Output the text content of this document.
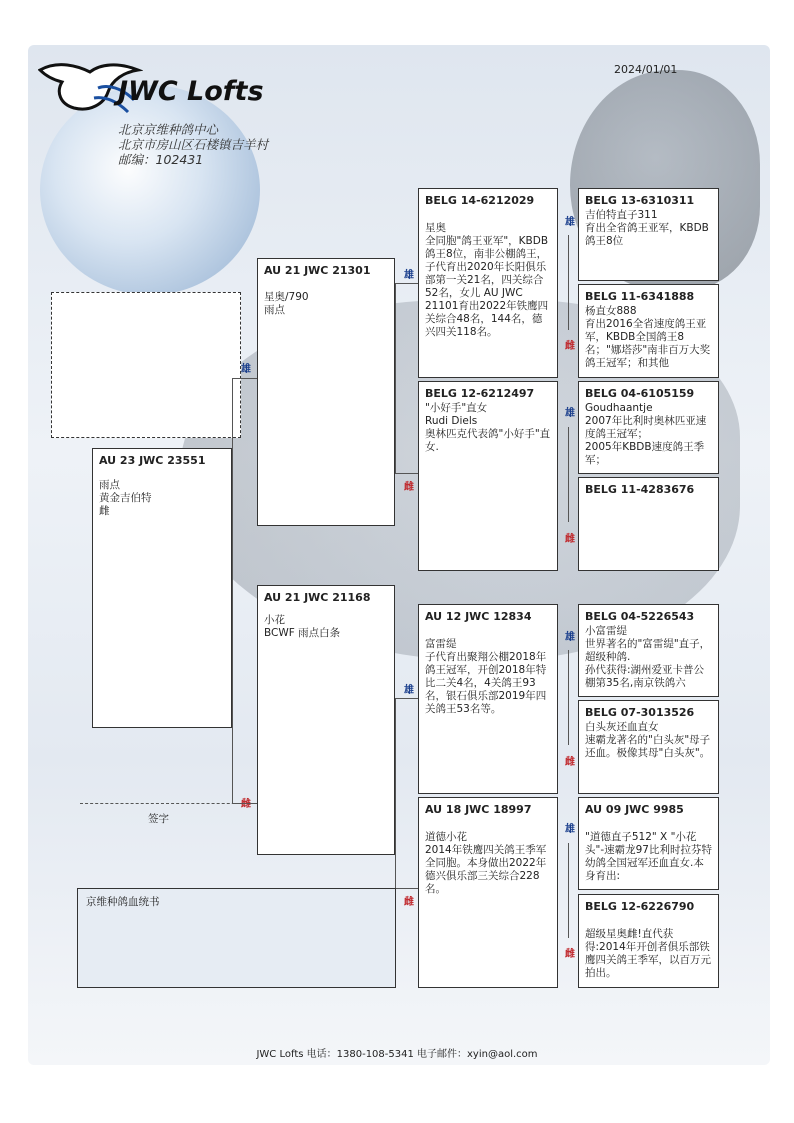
JWC Lofts
北京京维种鸽中心
北京市房山区石楼镇吉羊村
邮编：102431
2024/01/01
AU 23 JWC 23551
雨点
黄金吉伯特
雌
AU 21 JWC 21301
星奥/790
雨点
AU 21 JWC 21168
小花
BCWF 雨点白条
BELG 14-6212029

星奥
全同胞"鸽王亚军"，KBDB鸽王8位，南非公棚鸽王，子代育出2020年长阳俱乐部第一关21名，四关综合52名，女儿 AU JWC 21101育出2022年铁鹰四关综合48名，144名，德兴四关118名。
BELG 12-6212497
"小好手"直女
Rudi Diels
奥林匹克代表鸽"小好手"直女.
AU 12 JWC 12834

富雷缇
子代育出聚翔公棚2018年鸽王冠军，开创2018年特比二关4名，4关鸽王93名，银石俱乐部2019年四关鸽王53名等。
AU 18 JWC 18997

道德小花
2014年铁鹰四关鸽王季军全同胞。本身做出2022年德兴俱乐部三关综合228名。
BELG 13-6310311
吉伯特直子311
育出全省鸽王亚军，KBDB鸽王8位
BELG 11-6341888
杨直女888
育出2016全省速度鸽王亚军，KBDB全国鸽王8名；"娜塔莎"南非百万大奖鸽王冠军；和其他
BELG 04-6105159
Goudhaantje
2007年比利时奥林匹亚速度鸽王冠军；
2005年KBDB速度鸽王季军；
BELG 11-4283676
BELG 04-5226543
小富雷缇
世界著名的"富雷缇"直子，超级种鸽.
孙代获得:湖州爱亚卡普公棚第35名,南京铁鸽六
BELG 07-3013526
白头灰还血直女
速霸龙著名的"白头灰"母子还血。极像其母"白头灰"。
AU 09 JWC 9985

"道德直子512" X "小花头"-速霸龙97比利时拉芬特幼鸽全国冠军还血直女.本身育出:
BELG 12-6226790

超级星奥雌!直代获得:2014年开创者俱乐部铁鹰四关鸽王季军，以百万元拍出。
雄
雌
雄
雌
雄
雌
雄
雌
雄
雌
雄
雌
雄
雌
签字
京维种鸽血统书
JWC Lofts 电话：1380-108-5341 电子邮件：xyin@aol.com
